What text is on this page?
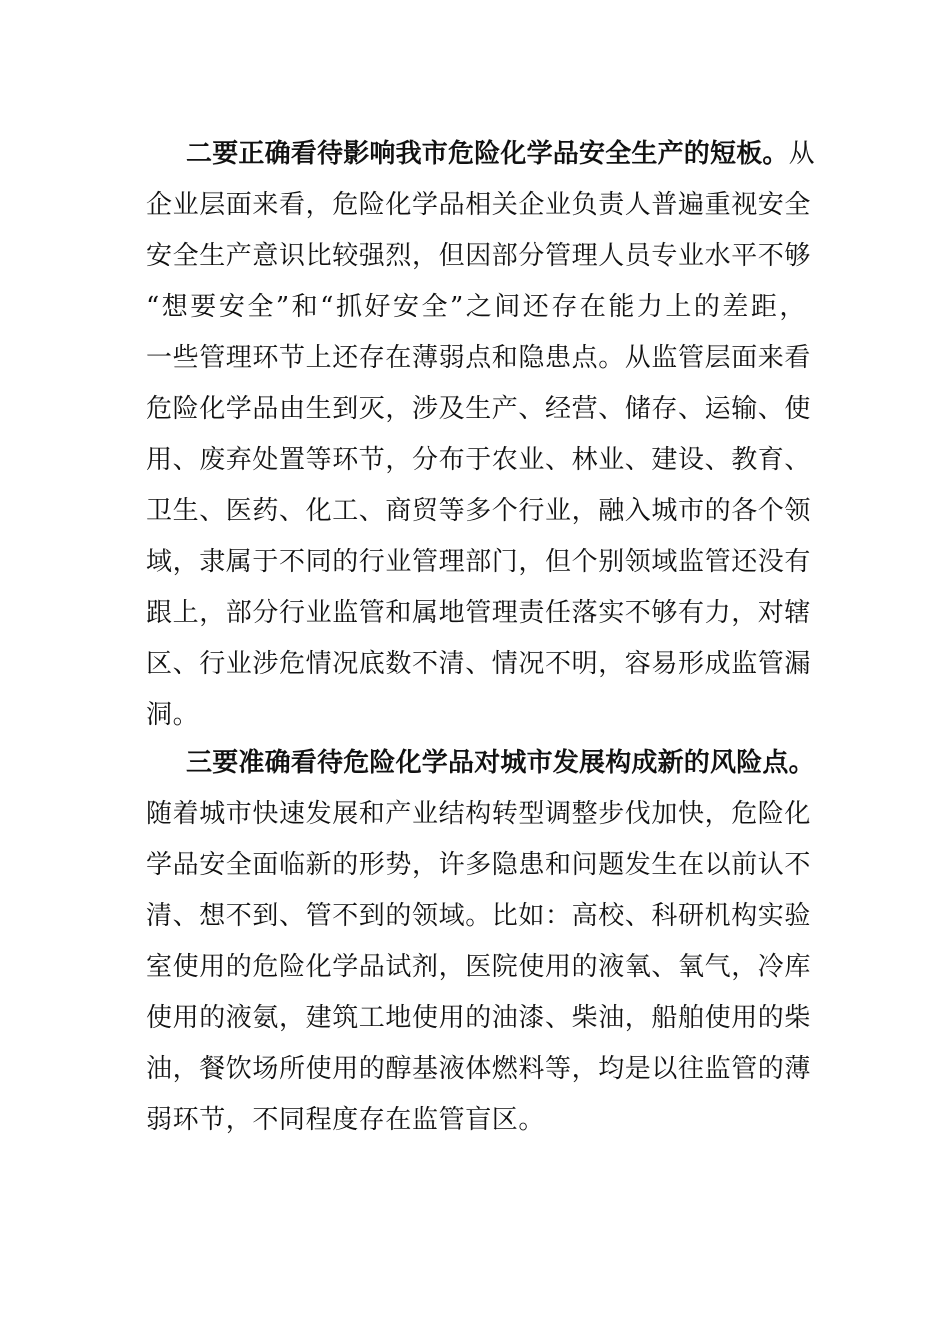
二要正确看待影响我市危险化学品安全生产的短板。从
企业层面来看，危险化学品相关企业负责人普遍重视安全
安全生产意识比较强烈，但因部分管理人员专业水平不够
“想要安全”和“抓好安全”之间还存在能力上的差距，
一些管理环节上还存在薄弱点和隐患点。从监管层面来看
危险化学品由生到灭，涉及生产、经营、储存、运输、使
用、废弃处置等环节，分布于农业、林业、建设、教育、
卫生、医药、化工、商贸等多个行业，融入城市的各个领
域，隶属于不同的行业管理部门，但个别领域监管还没有
跟上，部分行业监管和属地管理责任落实不够有力，对辖
区、行业涉危情况底数不清、情况不明，容易形成监管漏
洞。
三要准确看待危险化学品对城市发展构成新的风险点。
随着城市快速发展和产业结构转型调整步伐加快，危险化
学品安全面临新的形势，许多隐患和问题发生在以前认不
清、想不到、管不到的领域。比如：高校、科研机构实验
室使用的危险化学品试剂，医院使用的液氧、氧气，冷库
使用的液氨，建筑工地使用的油漆、柴油，船舶使用的柴
油，餐饮场所使用的醇基液体燃料等，均是以往监管的薄
弱环节，不同程度存在监管盲区。
